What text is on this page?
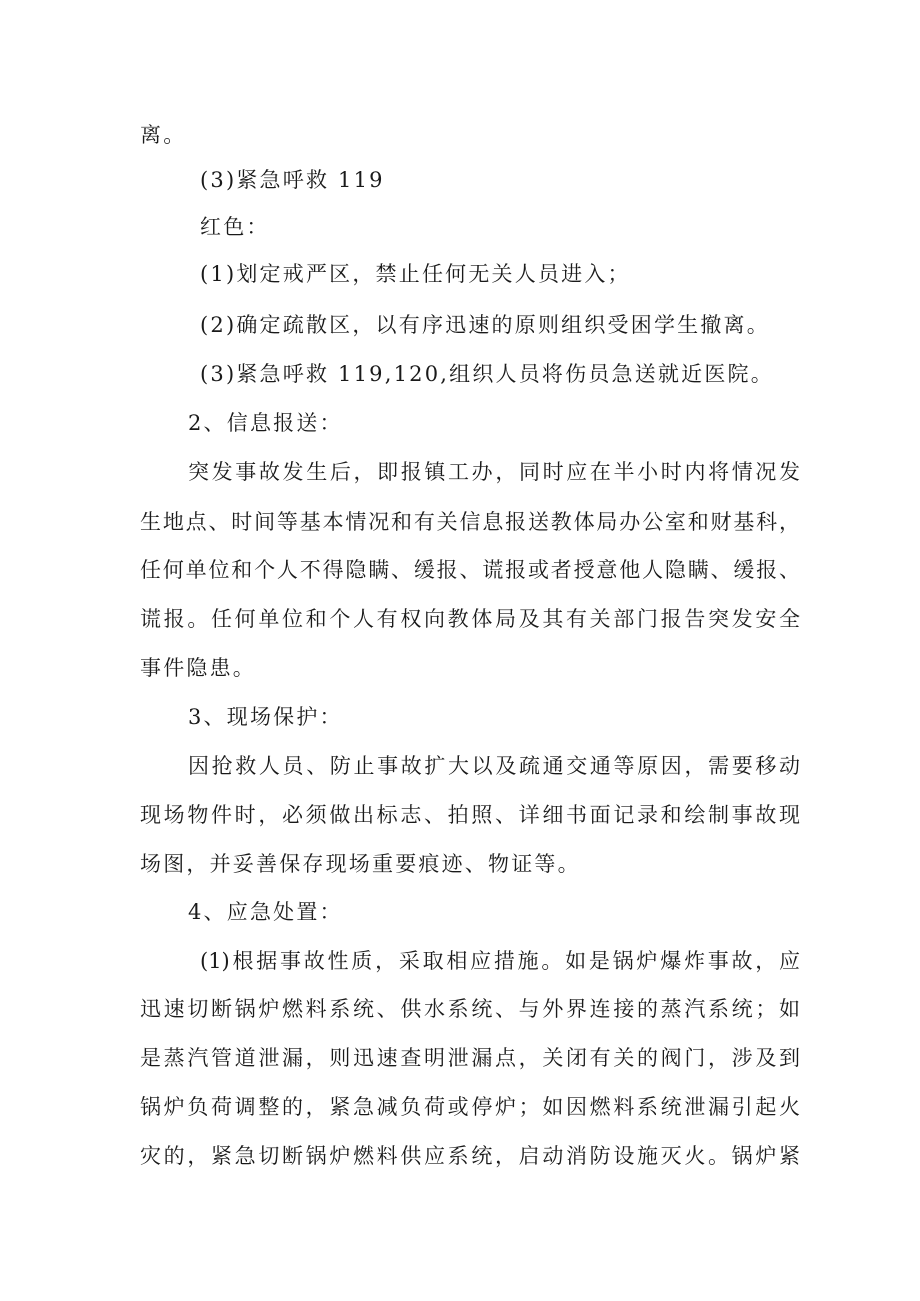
离。
(3)紧急呼救 119
红色：
(1)划定戒严区，禁止任何无关人员进入；
(2)确定疏散区，以有序迅速的原则组织受困学生撤离。
(3)紧急呼救 119,120,组织人员将伤员急送就近医院。
2、信息报送：
突发事故发生后，即报镇工办，同时应在半小时内将情况发
生地点、时间等基本情况和有关信息报送教体局办公室和财基科，
任何单位和个人不得隐瞒、缓报、谎报或者授意他人隐瞒、缓报、
谎报。任何单位和个人有权向教体局及其有关部门报告突发安全
事件隐患。
3、现场保护：
因抢救人员、防止事故扩大以及疏通交通等原因，需要移动
现场物件时，必须做出标志、拍照、详细书面记录和绘制事故现
场图，并妥善保存现场重要痕迹、物证等。
4、应急处置：
(1)根据事故性质，采取相应措施。如是锅炉爆炸事故，应
迅速切断锅炉燃料系统、供水系统、与外界连接的蒸汽系统；如
是蒸汽管道泄漏，则迅速查明泄漏点，关闭有关的阀门，涉及到
锅炉负荷调整的，紧急减负荷或停炉；如因燃料系统泄漏引起火
灾的，紧急切断锅炉燃料供应系统，启动消防设施灭火。锅炉紧
